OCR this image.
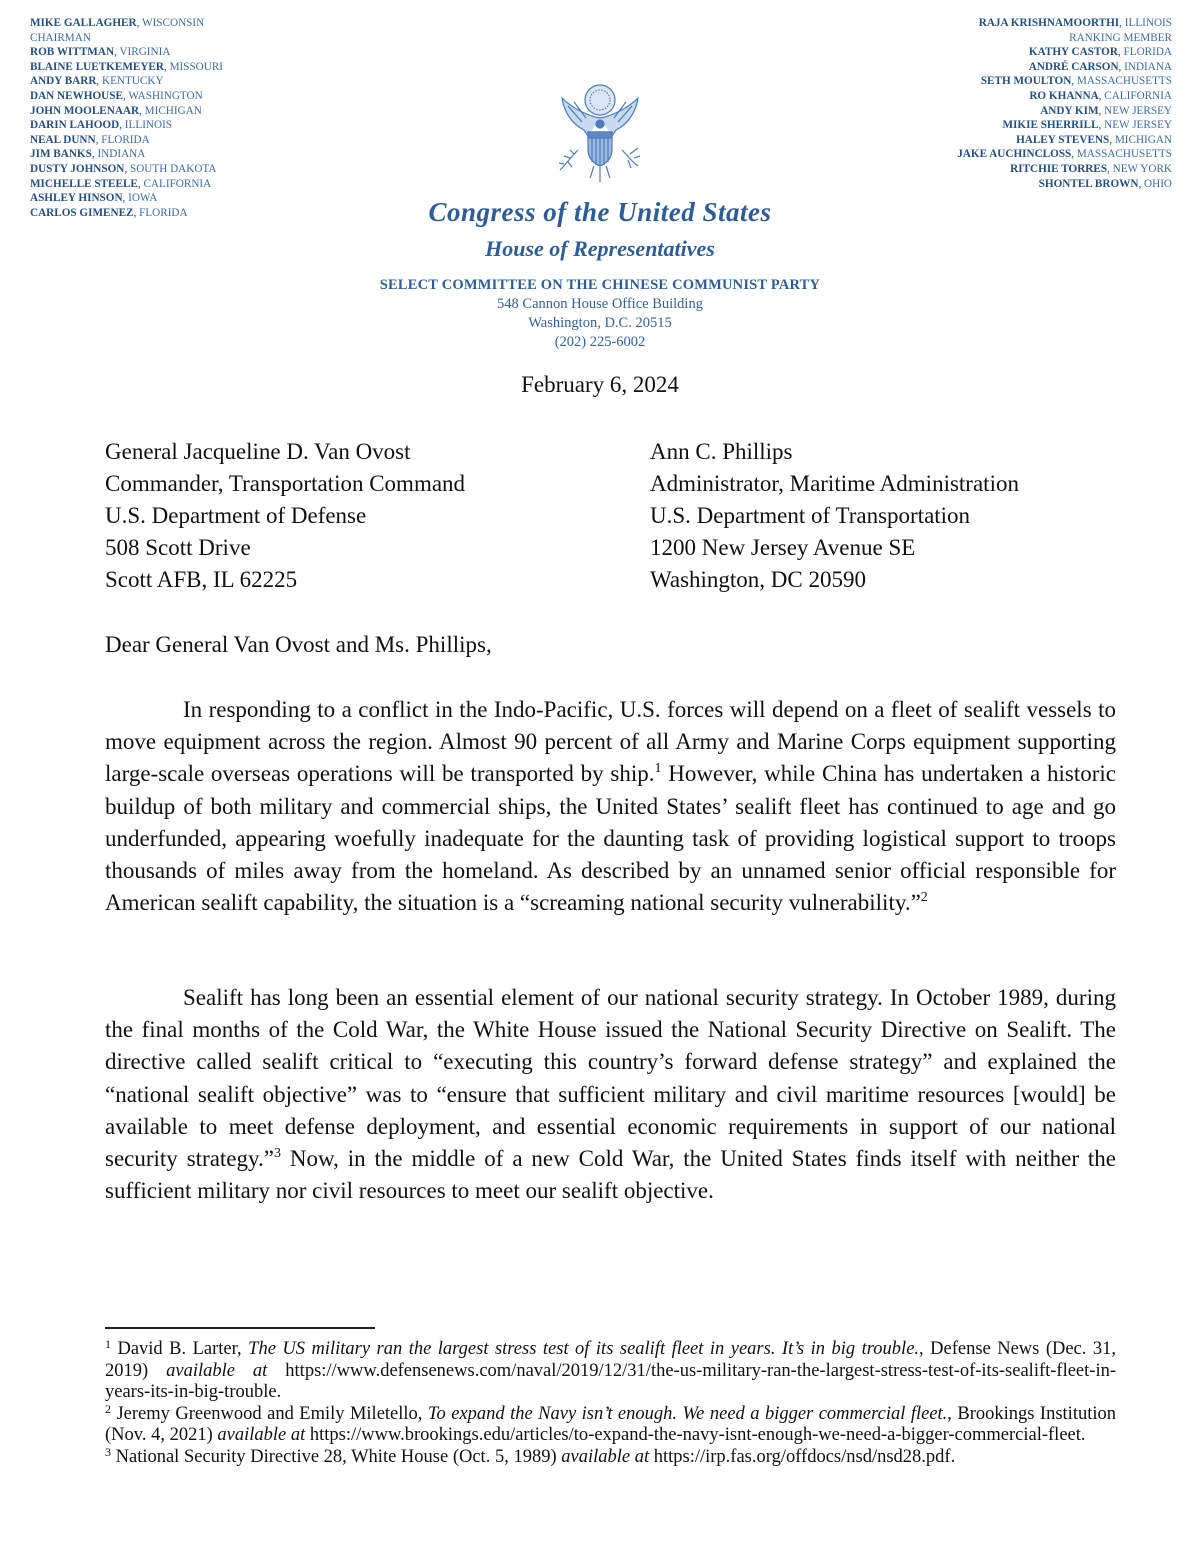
MIKE GALLAGHER, WISCONSIN
CHAIRMAN
ROB WITTMAN, VIRGINIA
BLAINE LUETKEMEYER, MISSOURI
ANDY BARR, KENTUCKY
DAN NEWHOUSE, WASHINGTON
JOHN MOOLENAAR, MICHIGAN
DARIN LAHOOD, ILLINOIS
NEAL DUNN, FLORIDA
JIM BANKS, INDIANA
DUSTY JOHNSON, SOUTH DAKOTA
MICHELLE STEELE, CALIFORNIA
ASHLEY HINSON, IOWA
CARLOS GIMENEZ, FLORIDA
RAJA KRISHNAMOORTHI, ILLINOIS
RANKING MEMBER
KATHY CASTOR, FLORIDA
ANDRÉ CARSON, INDIANA
SETH MOULTON, MASSACHUSETTS
RO KHANNA, CALIFORNIA
ANDY KIM, NEW JERSEY
MIKIE SHERRILL, NEW JERSEY
HALEY STEVENS, MICHIGAN
JAKE AUCHINCLOSS, MASSACHUSETTS
RITCHIE TORRES, NEW YORK
SHONTEL BROWN, OHIO
Congress of the United States
House of Representatives
SELECT COMMITTEE ON THE CHINESE COMMUNIST PARTY
548 Cannon House Office Building
Washington, D.C. 20515
(202) 225-6002
February 6, 2024
General Jacqueline D. Van Ovost
Commander, Transportation Command
U.S. Department of Defense
508 Scott Drive
Scott AFB, IL 62225
Ann C. Phillips
Administrator, Maritime Administration
U.S. Department of Transportation
1200 New Jersey Avenue SE
Washington, DC 20590
Dear General Van Ovost and Ms. Phillips,
In responding to a conflict in the Indo-Pacific, U.S. forces will depend on a fleet of sealift vessels to move equipment across the region. Almost 90 percent of all Army and Marine Corps equipment supporting large-scale overseas operations will be transported by ship.$^1$ However, while China has undertaken a historic buildup of both military and commercial ships, the United States’ sealift fleet has continued to age and go underfunded, appearing woefully inadequate for the daunting task of providing logistical support to troops thousands of miles away from the homeland. As described by an unnamed senior official responsible for American sealift capability, the situation is a “screaming national security vulnerability.”$^2$
Sealift has long been an essential element of our national security strategy. In October 1989, during the final months of the Cold War, the White House issued the National Security Directive on Sealift. The directive called sealift critical to “executing this country’s forward defense strategy” and explained the “national sealift objective” was to “ensure that sufficient military and civil maritime resources [would] be available to meet defense deployment, and essential economic requirements in support of our national security strategy.”$^3$ Now, in the middle of a new Cold War, the United States finds itself with neither the sufficient military nor civil resources to meet our sealift objective.

$^1$ David B. Larter, The US military ran the largest stress test of its sealift fleet in years. It’s in big trouble., Defense News (Dec. 31, 2019) available at https://www.defensenews.com/naval/2019/12/31/the-us-military-ran-the-largest-stress-test-of-its-sealift-fleet-in-years-its-in-big-trouble.

$^2$ Jeremy Greenwood and Emily Miletello, To expand the Navy isn’t enough. We need a bigger commercial fleet., Brookings Institution (Nov. 4, 2021) available at https://www.brookings.edu/articles/to-expand-the-navy-isnt-enough-we-need-a-bigger-commercial-fleet.

$^3$ National Security Directive 28, White House (Oct. 5, 1989) available at https://irp.fas.org/offdocs/nsd/nsd28.pdf.
